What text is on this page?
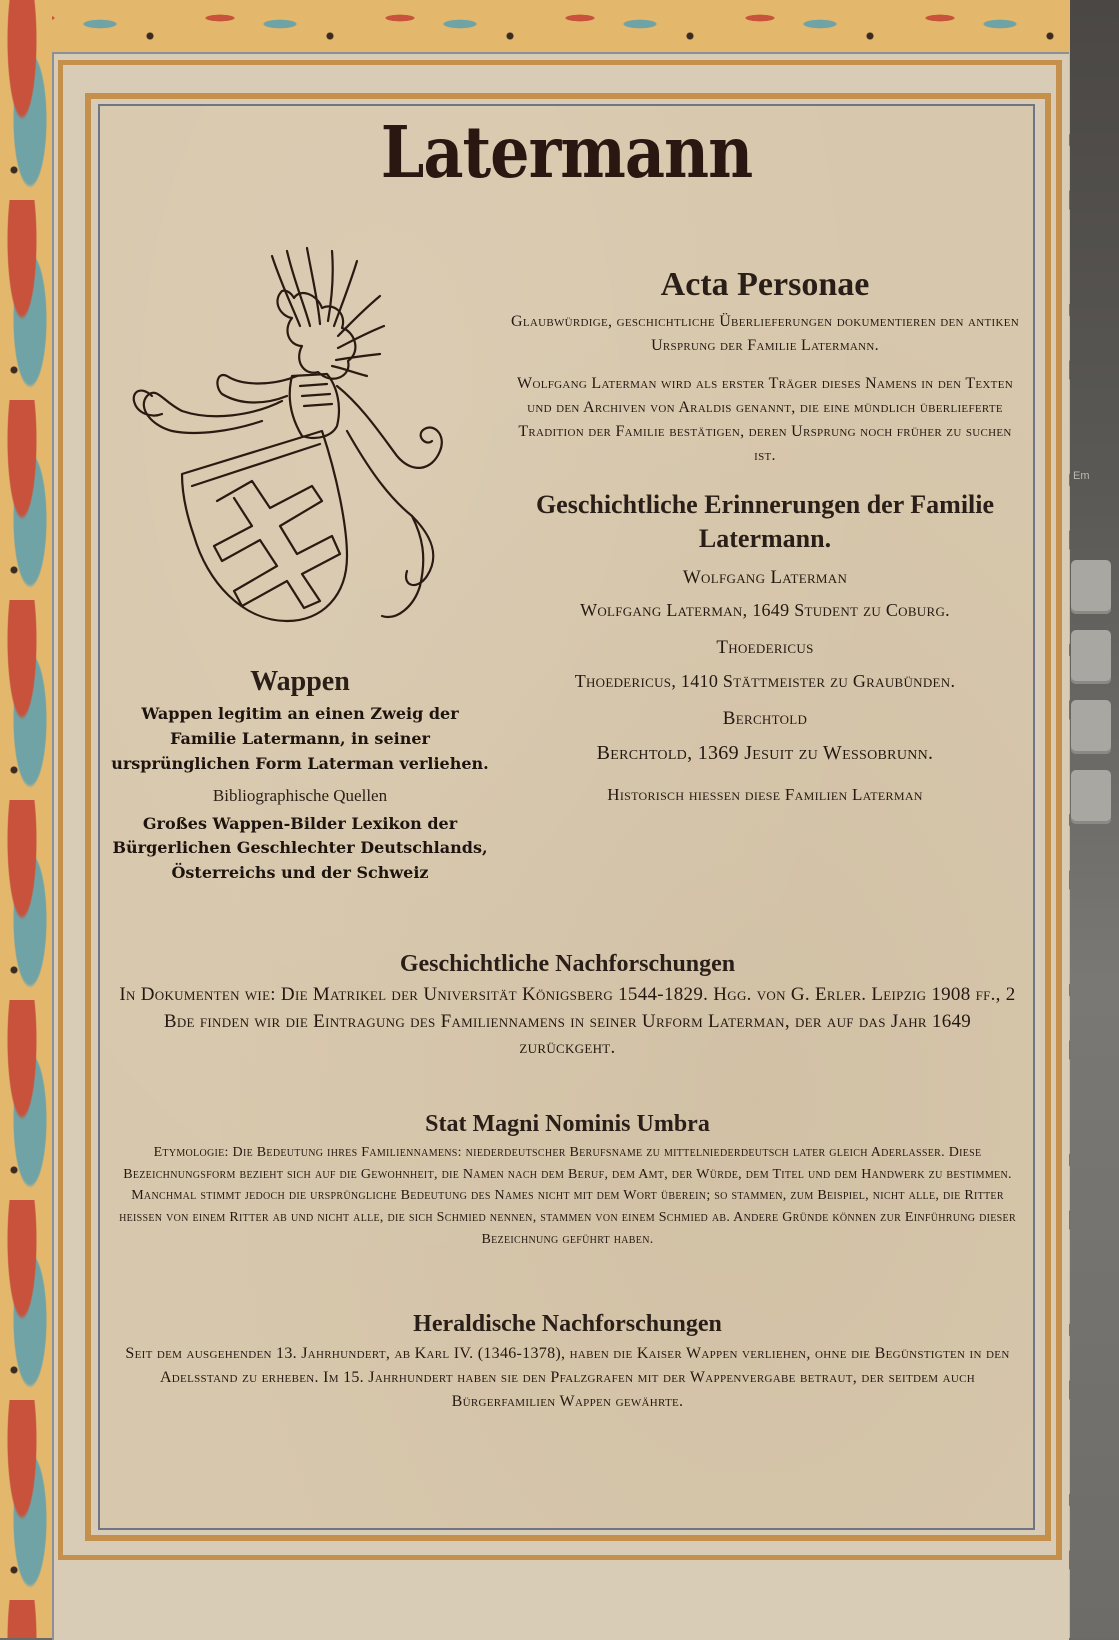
Em
Latermann
Acta Personae

Glaubwürdige, geschichtliche Überlieferungen dokumentieren den antiken Ursprung der Familie Latermann.

Wolfgang Laterman wird als erster Träger dieses Namens in den Texten und den Archiven von Araldis genannt, die eine mündlich überlieferte Tradition der Familie bestätigen, deren Ursprung noch früher zu suchen ist.

Geschichtliche Erinnerungen der Familie Latermann.

Wolfgang Laterman

Wolfgang Laterman, 1649 Student zu Coburg.

Thoedericus

Thoedericus, 1410 Stättmeister zu Graubünden.

Berchtold

Berchtold, 1369 Jesuit zu Wessobrunn.

Historisch hiessen diese Familien Laterman

Wappen

Wappen legitim an einen Zweig der Familie Latermann, in seiner ursprünglichen Form Laterman verliehen.

Bibliographische Quellen

Großes Wappen-Bilder Lexikon der Bürgerlichen Geschlechter Deutschlands, Österreichs und der Schweiz

Geschichtliche Nachforschungen

In Dokumenten wie: Die Matrikel der Universität Königsberg 1544-1829. Hgg. von G. Erler. Leipzig 1908 ff., 2 Bde finden wir die Eintragung des Familiennamens in seiner Urform Laterman, der auf das Jahr 1649 zurückgeht.

Stat Magni Nominis Umbra

Etymologie: Die Bedeutung ihres Familiennamens: niederdeutscher Berufsname zu mittelniederdeutsch later gleich Aderlasser. Diese Bezeichnungsform bezieht sich auf die Gewohnheit, die Namen nach dem Beruf, dem Amt, der Würde, dem Titel und dem Handwerk zu bestimmen. Manchmal stimmt jedoch die ursprüngliche Bedeutung des Names nicht mit dem Wort überein; so stammen, zum Beispiel, nicht alle, die Ritter heissen von einem Ritter ab und nicht alle, die sich Schmied nennen, stammen von einem Schmied ab. Andere Gründe können zur Einführung dieser Bezeichnung geführt haben.

Heraldische Nachforschungen

Seit dem ausgehenden 13. Jahrhundert, ab Karl IV. (1346-1378), haben die Kaiser Wappen verliehen, ohne die Begünstigten in den Adelsstand zu erheben. Im 15. Jahrhundert haben sie den Pfalzgrafen mit der Wappenvergabe betraut, der seitdem auch Bürgerfamilien Wappen gewährte.
